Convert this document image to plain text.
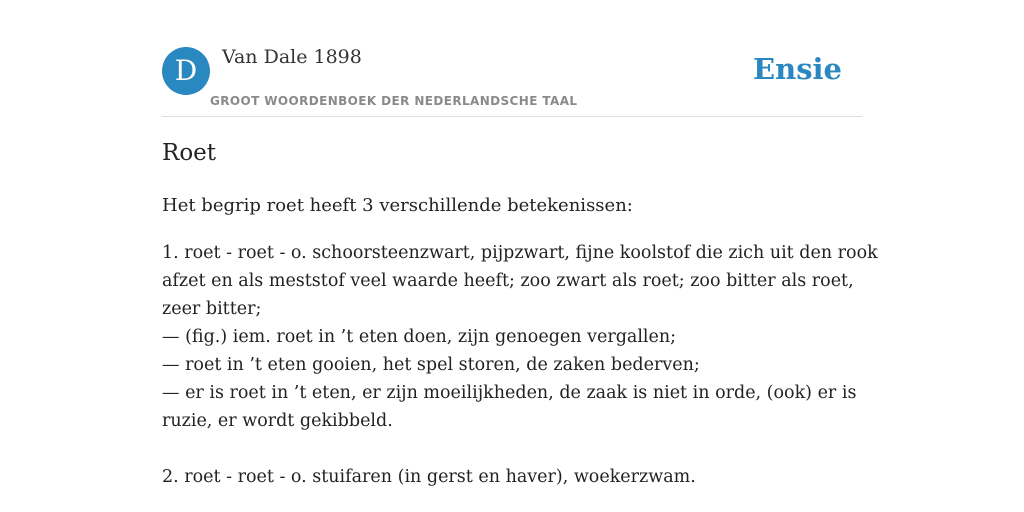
D	Van Dale 1898
GROOT WOORDENBOEK DER NEDERLANDSCHE TAAL
Ensie
Roet
Het begrip roet heeft 3 verschillende betekenissen:
1. roet - roet - o. schoorsteenzwart, pijpzwart, fijne koolstof die zich uit den rook
afzet en als meststof veel waarde heeft; zoo zwart als roet; zoo bitter als roet,
zeer bitter;
— (fig.) iem. roet in ’t eten doen, zijn genoegen vergallen;
— roet in ’t eten gooien, het spel storen, de zaken bederven;
— er is roet in ’t eten, er zijn moeilijkheden, de zaak is niet in orde, (ook) er is
ruzie, er wordt gekibbeld.
2. roet - roet - o. stuifaren (in gerst en haver), woekerzwam.
